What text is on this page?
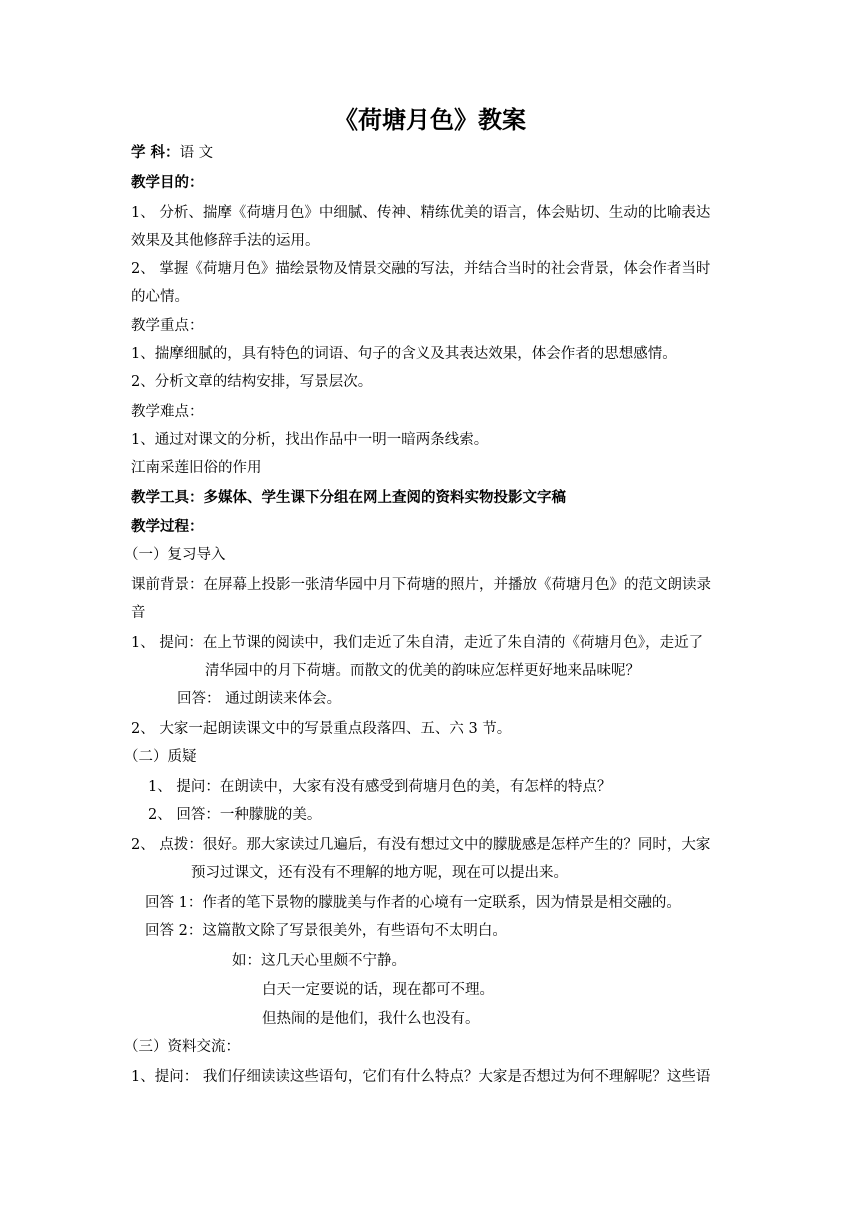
《荷塘月色》教案
学 科：语 文
教学目的：
1、 分析、揣摩《荷塘月色》中细腻、传神、精练优美的语言，体会贴切、生动的比喻表达
效果及其他修辞手法的运用。
2、 掌握《荷塘月色》描绘景物及情景交融的写法，并结合当时的社会背景，体会作者当时
的心情。
教学重点：
1、揣摩细腻的，具有特色的词语、句子的含义及其表达效果，体会作者的思想感情。
2、分析文章的结构安排，写景层次。
教学难点：
1、通过对课文的分析，找出作品中一明一暗两条线索。
江南采莲旧俗的作用
教学工具：多媒体、学生课下分组在网上查阅的资料实物投影文字稿
教学过程：
（一）复习导入
课前背景：在屏幕上投影一张清华园中月下荷塘的照片，并播放《荷塘月色》的范文朗读录
音
1、 提问：在上节课的阅读中，我们走近了朱自清，走近了朱自清的《荷塘月色》，走近了
清华园中的月下荷塘。而散文的优美的韵味应怎样更好地来品味呢？
回答： 通过朗读来体会。
2、 大家一起朗读课文中的写景重点段落四、五、六 3 节。
（二）质疑
1、 提问：在朗读中，大家有没有感受到荷塘月色的美，有怎样的特点？
2、 回答：一种朦胧的美。
2、 点拨：很好。那大家读过几遍后，有没有想过文中的朦胧感是怎样产生的？同时，大家
预习过课文，还有没有不理解的地方呢，现在可以提出来。
回答 1：作者的笔下景物的朦胧美与作者的心境有一定联系，因为情景是相交融的。
回答 2：这篇散文除了写景很美外，有些语句不太明白。
如：这几天心里颇不宁静。
白天一定要说的话，现在都可不理。
但热闹的是他们，我什么也没有。
（三）资料交流：
1、提问： 我们仔细读读这些语句，它们有什么特点？大家是否想过为何不理解呢？这些语
